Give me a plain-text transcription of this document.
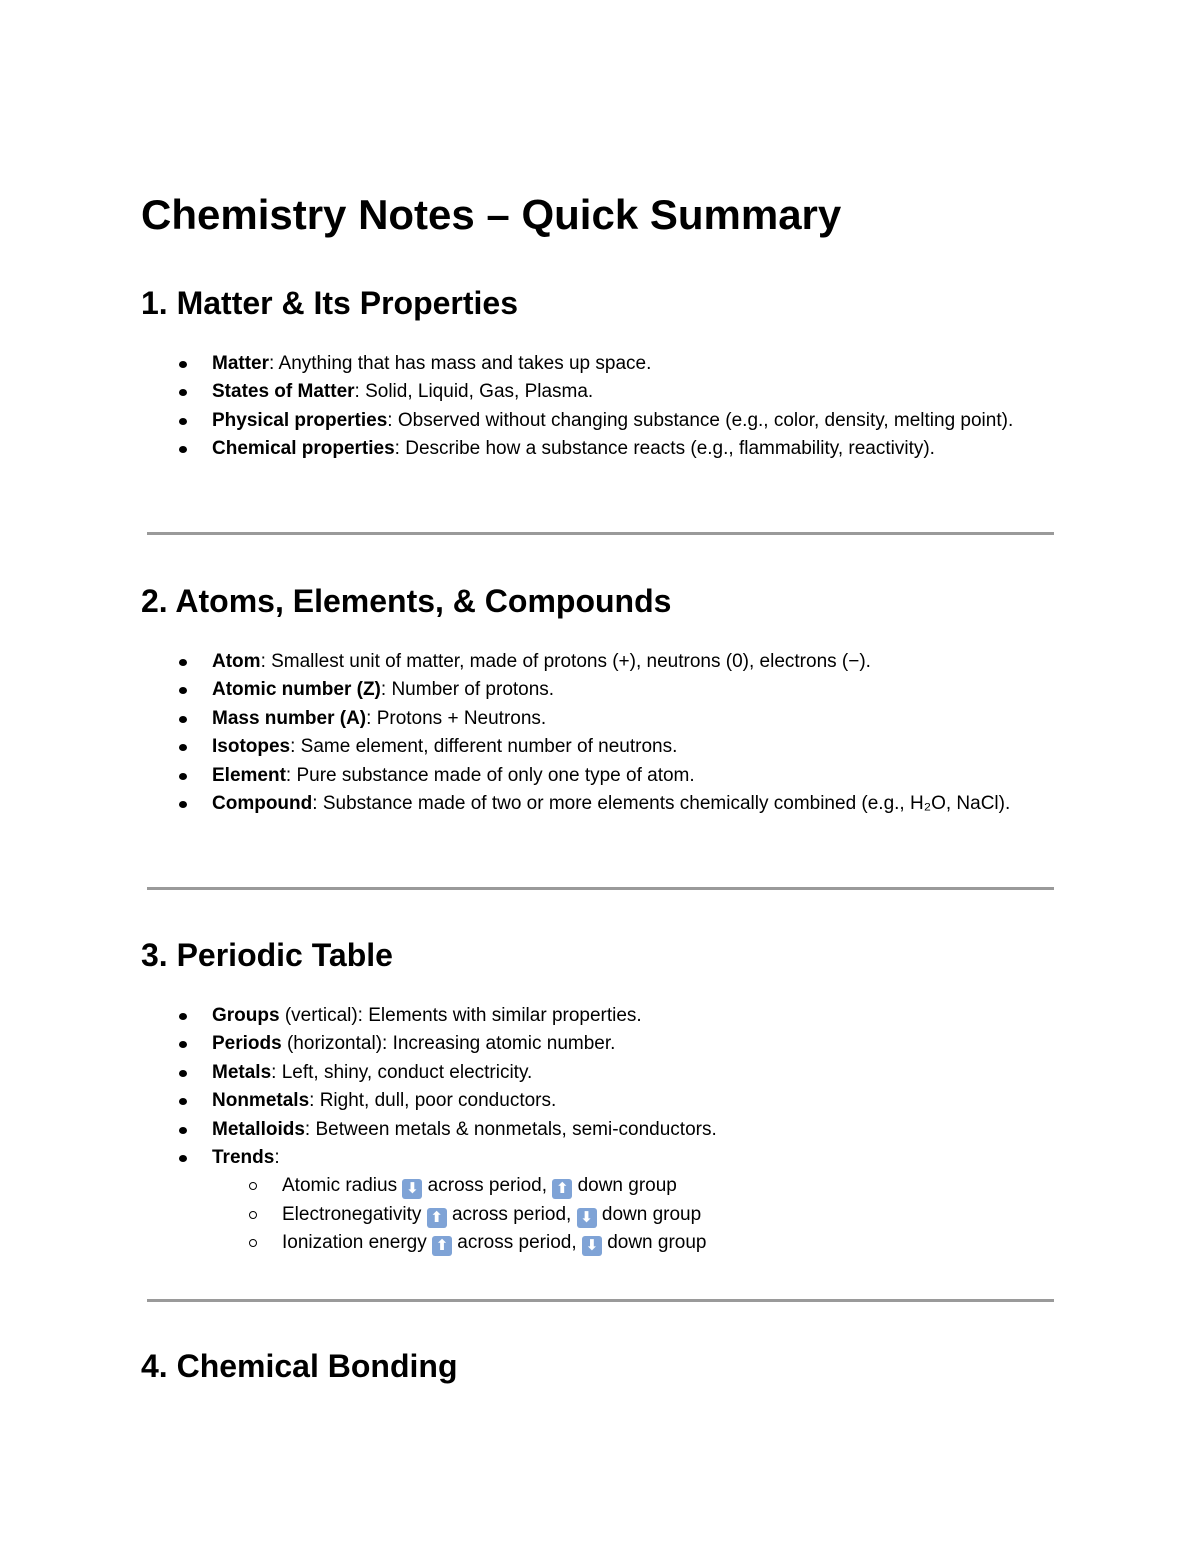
Chemistry Notes – Quick Summary
1. Matter & Its Properties
Matter: Anything that has mass and takes up space.
States of Matter: Solid, Liquid, Gas, Plasma.
Physical properties: Observed without changing substance (e.g., color, density, melting point).
Chemical properties: Describe how a substance reacts (e.g., flammability, reactivity).
2. Atoms, Elements, & Compounds
Atom: Smallest unit of matter, made of protons (+), neutrons (0), electrons (−).
Atomic number (Z): Number of protons.
Mass number (A): Protons + Neutrons.
Isotopes: Same element, different number of neutrons.
Element: Pure substance made of only one type of atom.
Compound: Substance made of two or more elements chemically combined (e.g., H₂O, NaCl).
3. Periodic Table
Groups (vertical): Elements with similar properties.
Periods (horizontal): Increasing atomic number.
Metals: Left, shiny, conduct electricity.
Nonmetals: Right, dull, poor conductors.
Metalloids: Between metals & nonmetals, semi-conductors.
Trends:
Atomic radius ⬇ across period, ⬆ down group
Electronegativity ⬆ across period, ⬇ down group
Ionization energy ⬆ across period, ⬇ down group
4. Chemical Bonding
